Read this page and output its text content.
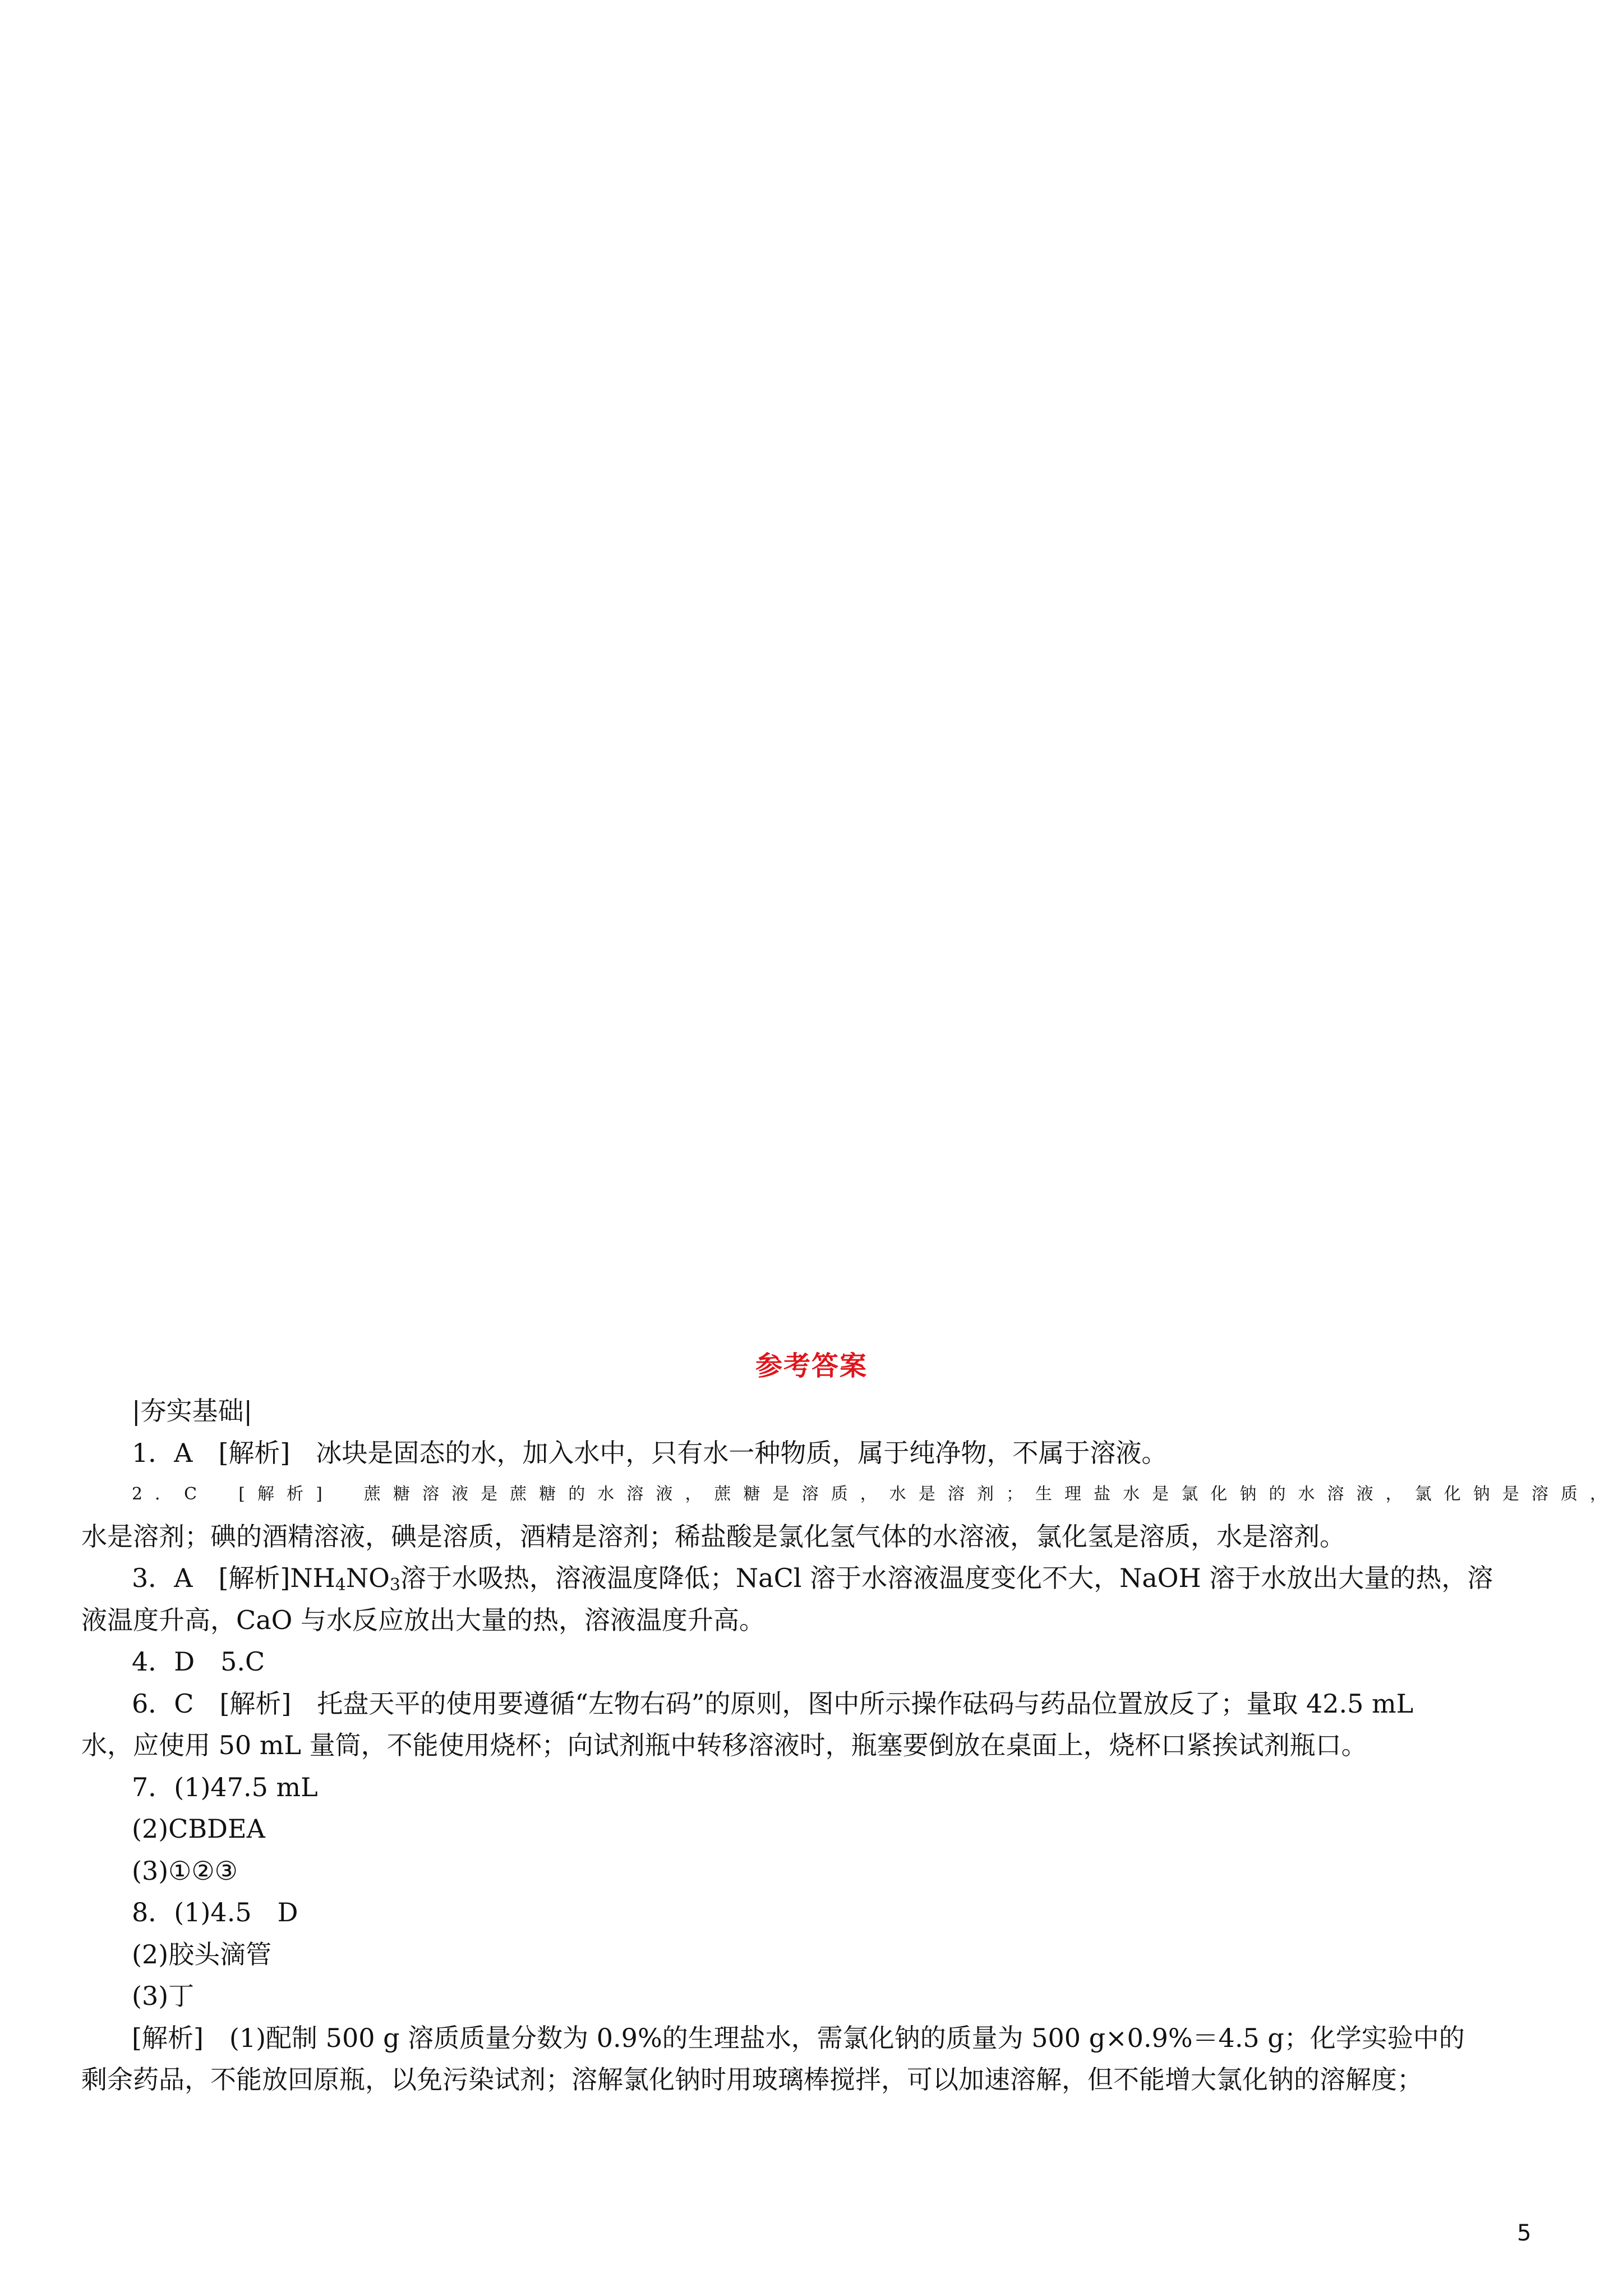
参考答案
|夯实基础|
1．A　[解析]　冰块是固态的水，加入水中，只有水一种物质，属于纯净物，不属于溶液。
2．C　[解析]　蔗糖溶液是蔗糖的水溶液，蔗糖是溶质，水是溶剂；生理盐水是氯化钠的水溶液，氯化钠是溶质，
水是溶剂；碘的酒精溶液，碘是溶质，酒精是溶剂；稀盐酸是氯化氢气体的水溶液，氯化氢是溶质，水是溶剂。
3．A　[解析]$NH_4NO_3$溶于水吸热，溶液温度降低；NaCl 溶于水溶液温度变化不大，NaOH 溶于水放出大量的热，溶
液温度升高，CaO 与水反应放出大量的热，溶液温度升高。
4．D　5.C
6．C　[解析]　托盘天平的使用要遵循“左物右码”的原则，图中所示操作砝码与药品位置放反了；量取 42.5 mL
水，应使用 50 mL 量筒，不能使用烧杯；向试剂瓶中转移溶液时，瓶塞要倒放在桌面上，烧杯口紧挨试剂瓶口。
7．(1)47.5 mL
(2)CBDEA
(3)①②③
8．(1)4.5　D
(2)胶头滴管
(3)丁
[解析]　(1)配制 500 g 溶质质量分数为 0.9%的生理盐水，需氯化钠的质量为 500 g×0.9%＝4.5 g；化学实验中的
剩余药品，不能放回原瓶，以免污染试剂；溶解氯化钠时用玻璃棒搅拌，可以加速溶解，但不能增大氯化钠的溶解度；
5
